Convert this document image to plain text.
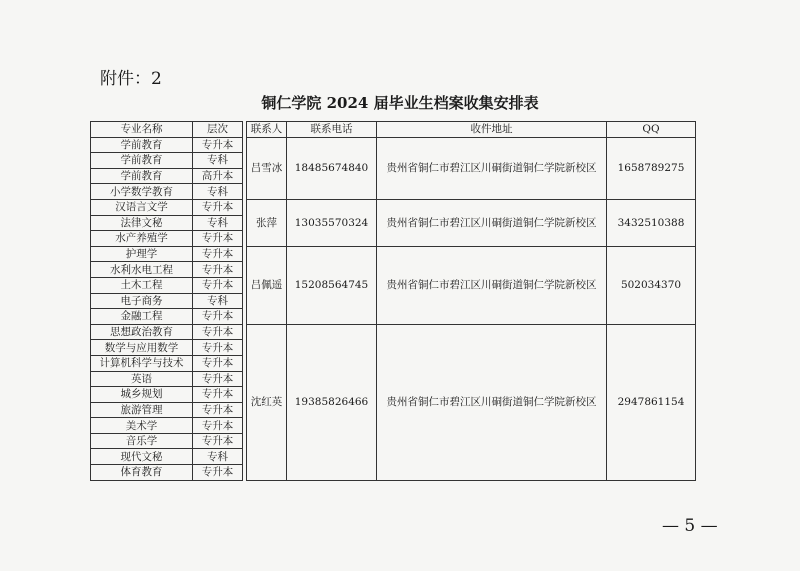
附件：2
铜仁学院 2024 届毕业生档案收集安排表
专业名称	层次		联系人	联系电话	收件地址	QQ
学前教育	专升本		吕雪冰	18485674840	贵州省铜仁市碧江区川硐街道铜仁学院新校区	1658789275
学前教育	专科					
学前教育	高升本					
小学数学教育	专科					
汉语言文学	专升本		张萍	13035570324	贵州省铜仁市碧江区川硐街道铜仁学院新校区	3432510388
法律文秘	专科					
水产养殖学	专升本					
护理学	专升本		吕佩遥	15208564745	贵州省铜仁市碧江区川硐街道铜仁学院新校区	502034370
水利水电工程	专升本					
土木工程	专升本					
电子商务	专科					
金融工程	专升本					
思想政治教育	专升本		沈红英	19385826466	贵州省铜仁市碧江区川硐街道铜仁学院新校区	2947861154
数学与应用数学	专升本					
计算机科学与技术	专升本					
英语	专升本					
城乡规划	专升本					
旅游管理	专升本					
美术学	专升本					
音乐学	专升本					
现代文秘	专科					
体育教育	专升本					
— 5 —
